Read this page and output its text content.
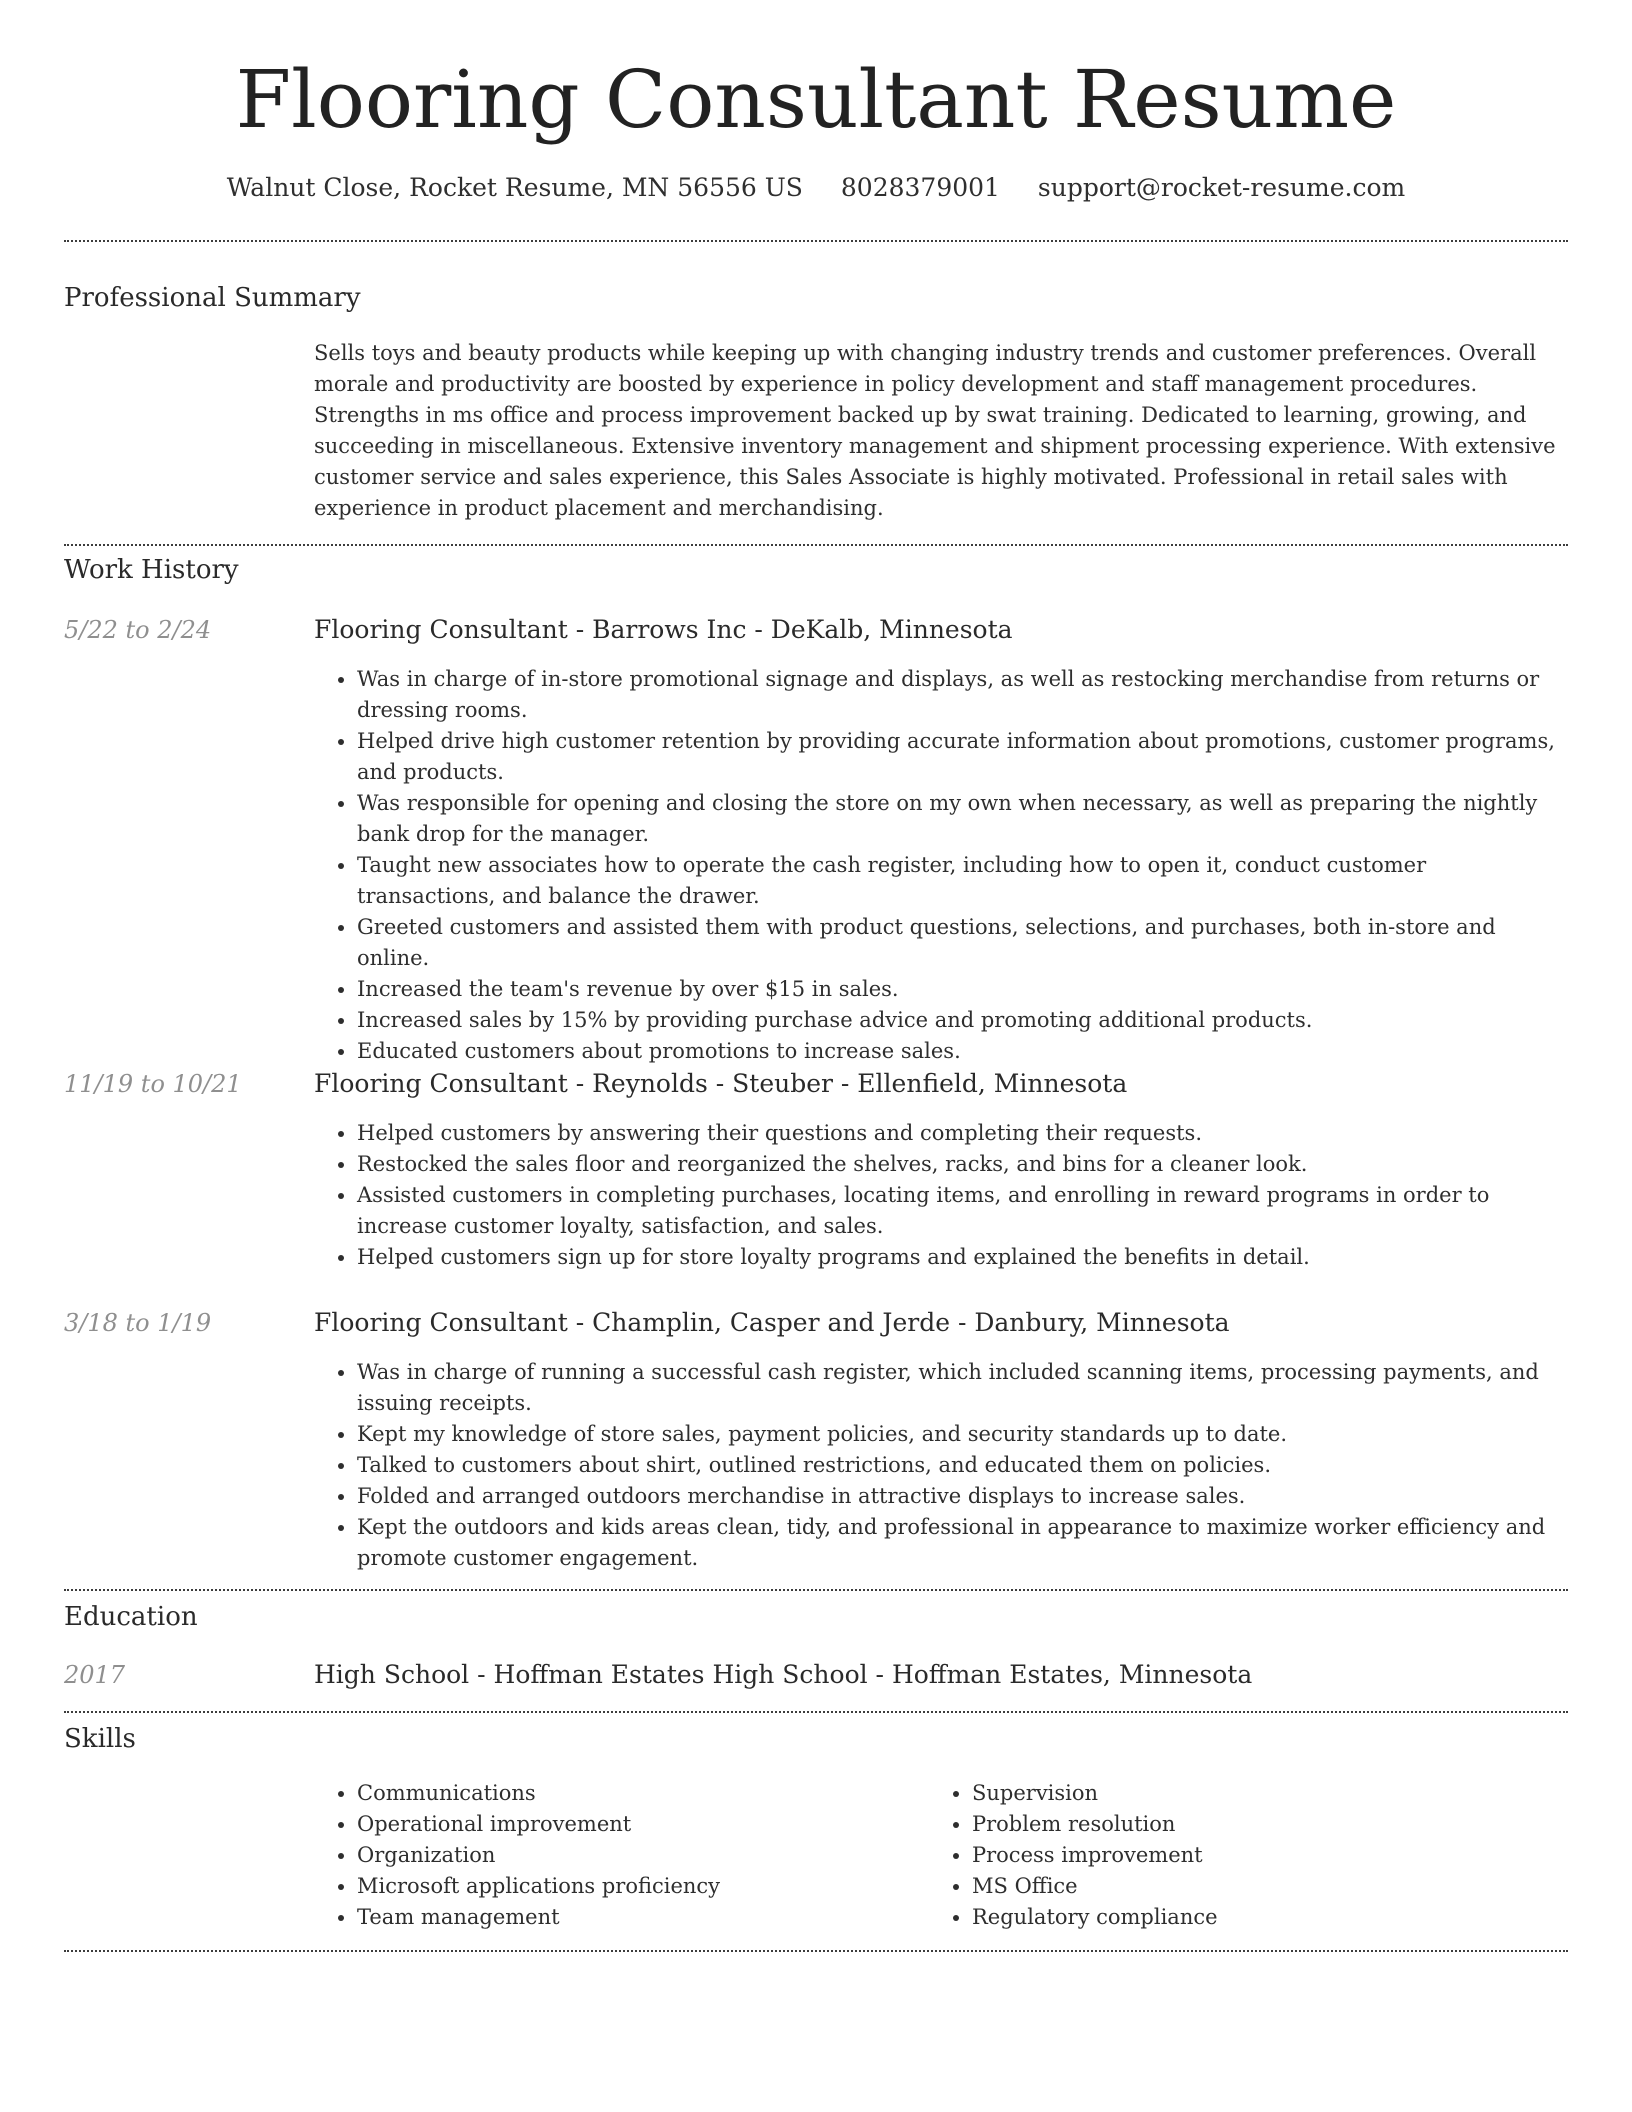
Flooring Consultant Resume
Walnut Close, Rocket Resume, MN 56556 US 8028379001 support@rocket-resume.com
Professional Summary

Sells toys and beauty products while keeping up with changing industry trends and customer preferences. Overall morale and productivity are boosted by experience in policy development and staff management procedures. Strengths in ms office and process improvement backed up by swat training. Dedicated to learning, growing, and succeeding in miscellaneous. Extensive inventory management and shipment processing experience. With extensive customer service and sales experience, this Sales Associate is highly motivated. Professional in retail sales with experience in product placement and merchandising.

Work History
5/22 to 2/24	Flooring Consultant - Barrows Inc - DeKalb, Minnesota
• Was in charge of in-store promotional signage and displays, as well as restocking merchandise from returns or dressing rooms.
• Helped drive high customer retention by providing accurate information about promotions, customer programs, and products.
• Was responsible for opening and closing the store on my own when necessary, as well as preparing the nightly bank drop for the manager.
• Taught new associates how to operate the cash register, including how to open it, conduct customer transactions, and balance the drawer.
• Greeted customers and assisted them with product questions, selections, and purchases, both in-store and online.
• Increased the team's revenue by over $15 in sales.
• Increased sales by 15% by providing purchase advice and promoting additional products.
• Educated customers about promotions to increase sales.
11/19 to 10/21	Flooring Consultant - Reynolds - Steuber - Ellenfield, Minnesota
• Helped customers by answering their questions and completing their requests.
• Restocked the sales floor and reorganized the shelves, racks, and bins for a cleaner look.
• Assisted customers in completing purchases, locating items, and enrolling in reward programs in order to increase customer loyalty, satisfaction, and sales.
• Helped customers sign up for store loyalty programs and explained the benefits in detail.
3/18 to 1/19	Flooring Consultant - Champlin, Casper and Jerde - Danbury, Minnesota
• Was in charge of running a successful cash register, which included scanning items, processing payments, and issuing receipts.
• Kept my knowledge of store sales, payment policies, and security standards up to date.
• Talked to customers about shirt, outlined restrictions, and educated them on policies.
• Folded and arranged outdoors merchandise in attractive displays to increase sales.
• Kept the outdoors and kids areas clean, tidy, and professional in appearance to maximize worker efficiency and promote customer engagement.
Education
2017	High School - Hoffman Estates High School - Hoffman Estates, Minnesota
Skills
• Communications
• Operational improvement
• Organization
• Microsoft applications proficiency
• Team management
• Supervision
• Problem resolution
• Process improvement
• MS Office
• Regulatory compliance
